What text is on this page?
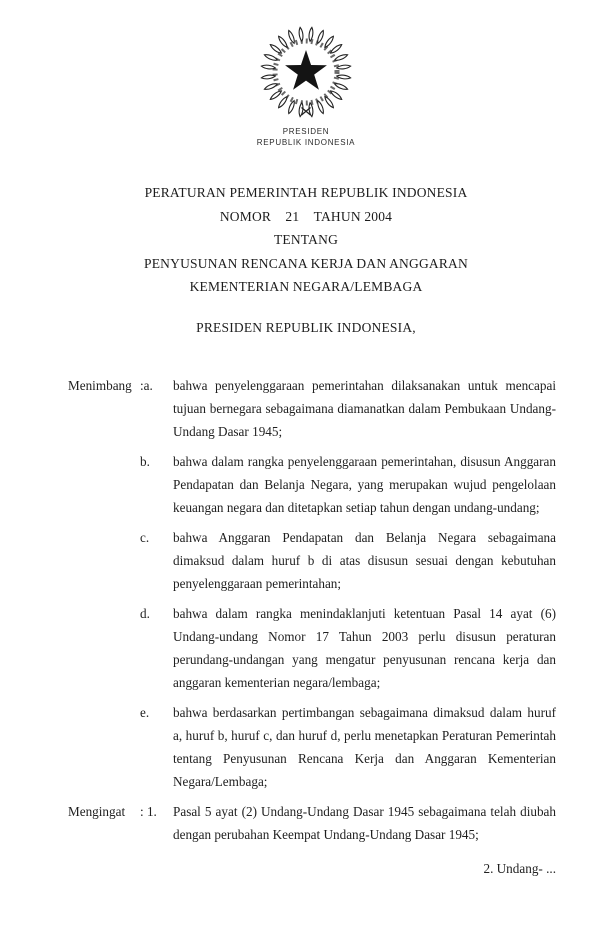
PRESIDEN
REPUBLIK INDONESIA
PERATURAN PEMERINTAH REPUBLIK INDONESIA
NOMOR    21    TAHUN 2004
TENTANG
PENYUSUNAN RENCANA KERJA DAN ANGGARAN
KEMENTERIAN NEGARA/LEMBAGA
PRESIDEN REPUBLIK INDONESIA,
Menimbang :a.	bahwa penyelenggaraan pemerintahan dilaksanakan untuk mencapai tujuan bernegara sebagaimana diamanatkan dalam Pembukaan Undang-Undang Dasar 1945;
b.	bahwa dalam rangka penyelenggaraan pemerintahan, disusun Anggaran Pendapatan dan Belanja Negara, yang merupakan wujud pengelolaan keuangan negara dan ditetapkan setiap tahun dengan undang-undang;
c.	bahwa Anggaran Pendapatan dan Belanja Negara sebagaimana dimaksud dalam huruf b di atas disusun sesuai dengan kebutuhan penyelenggaraan pemerintahan;
d.	bahwa dalam rangka menindaklanjuti ketentuan Pasal 14 ayat (6) Undang-undang Nomor 17 Tahun 2003 perlu disusun peraturan perundang-undangan yang mengatur penyusunan rencana kerja dan anggaran kementerian negara/lembaga;
e.	bahwa berdasarkan pertimbangan sebagaimana dimaksud dalam huruf a, huruf b, huruf c, dan huruf d, perlu menetapkan Peraturan Pemerintah tentang Penyusunan Rencana Kerja dan Anggaran Kementerian Negara/Lembaga;
Mengingat	: 1.	Pasal 5 ayat (2) Undang-Undang Dasar 1945 sebagaimana telah diubah dengan perubahan Keempat Undang-Undang Dasar 1945;
2. Undang- ...
